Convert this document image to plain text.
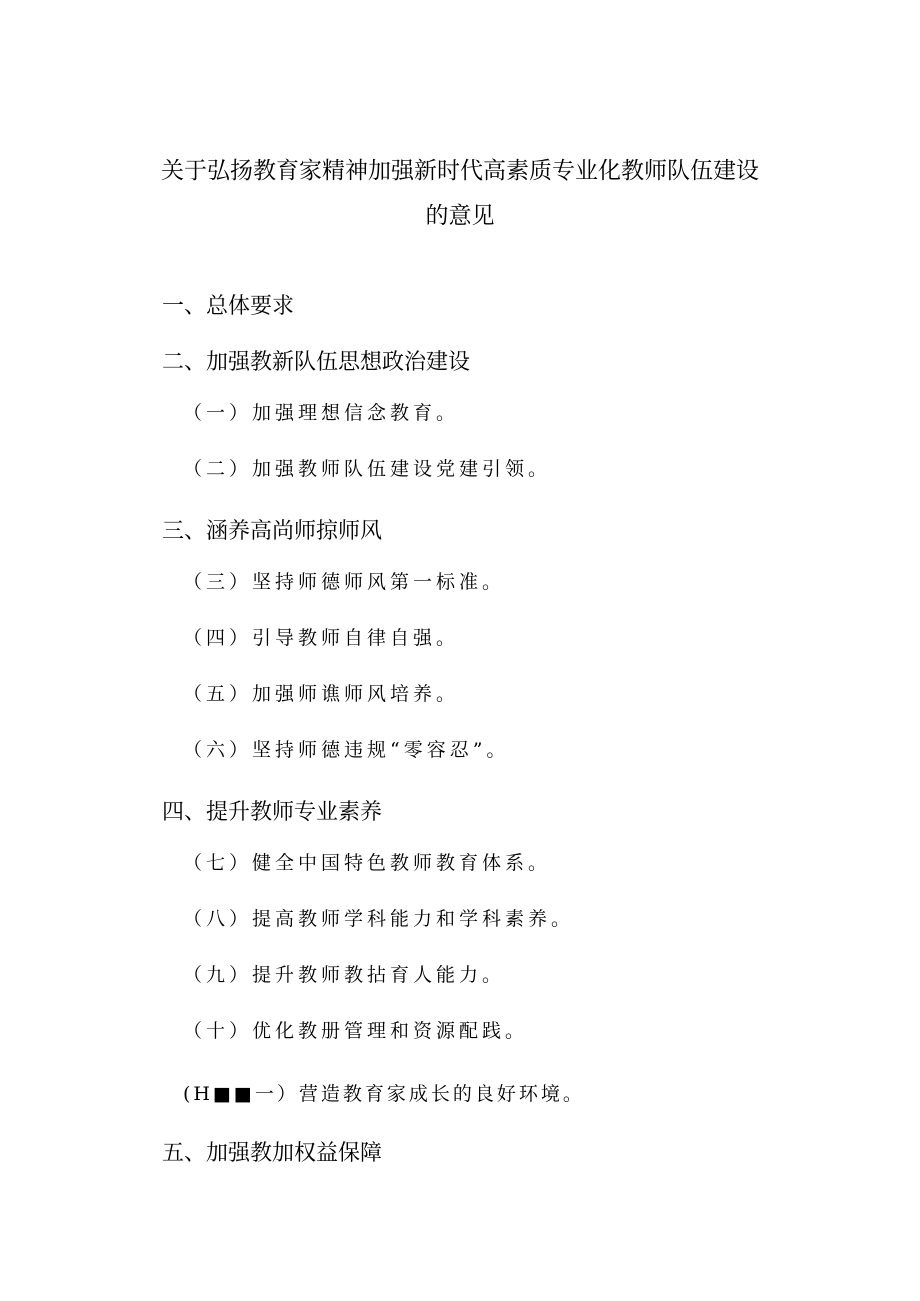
关于弘扬教育家精神加强新时代高素质专业化教师队伍建设
的意见
一、总体要求
二、加强教新队伍思想政治建设
（一）加强理想信念教育。
（二）加强教师队伍建设党建引领。
三、涵养高尚师掠师风
（三）坚持师德师风第一标准。
（四）引导教师自律自强。
（五）加强师谯师风培养。
（六）坚持师德违规“零容忍”。
四、提升教师专业素养
（七）健全中国特色教师教育体系。
（八）提高教师学科能力和学科素养。
（九）提升教师教拈育人能力。
（十）优化教册管理和资源配践。
(H■■一）营造教育家成长的良好环境。
五、加强教加权益保障
